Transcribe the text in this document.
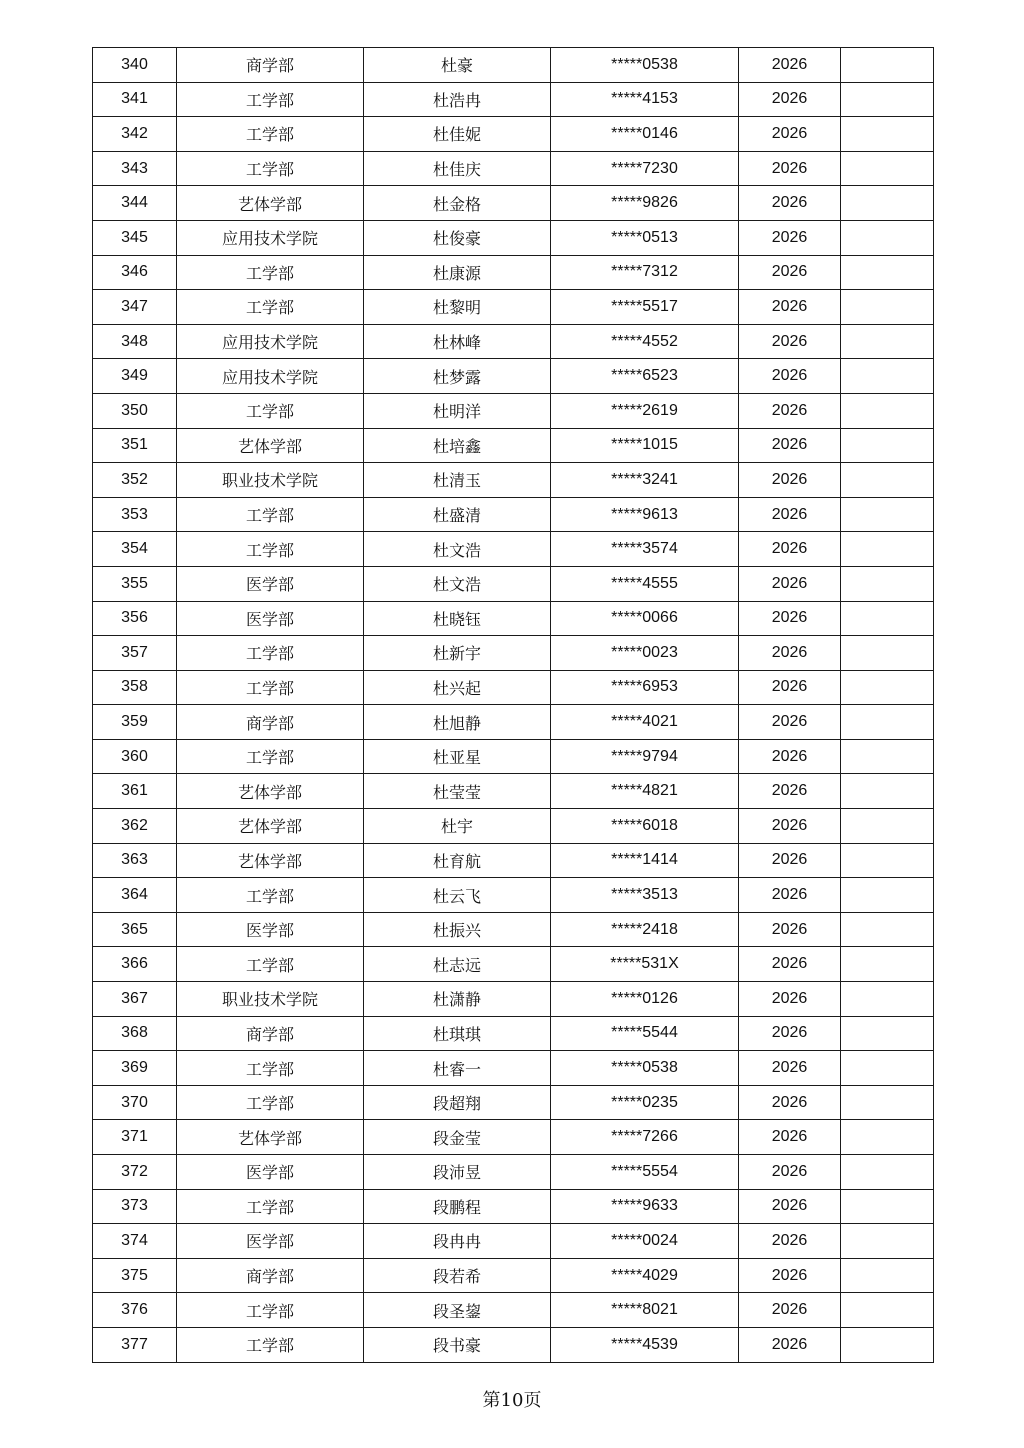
340	商学部	杜豪	*****0538	2026	
341	工学部	杜浩冉	*****4153	2026	
342	工学部	杜佳妮	*****0146	2026	
343	工学部	杜佳庆	*****7230	2026	
344	艺体学部	杜金格	*****9826	2026	
345	应用技术学院	杜俊豪	*****0513	2026	
346	工学部	杜康源	*****7312	2026	
347	工学部	杜黎明	*****5517	2026	
348	应用技术学院	杜林峰	*****4552	2026	
349	应用技术学院	杜梦露	*****6523	2026	
350	工学部	杜明洋	*****2619	2026	
351	艺体学部	杜培鑫	*****1015	2026	
352	职业技术学院	杜清玉	*****3241	2026	
353	工学部	杜盛清	*****9613	2026	
354	工学部	杜文浩	*****3574	2026	
355	医学部	杜文浩	*****4555	2026	
356	医学部	杜晓钰	*****0066	2026	
357	工学部	杜新宇	*****0023	2026	
358	工学部	杜兴起	*****6953	2026	
359	商学部	杜旭静	*****4021	2026	
360	工学部	杜亚星	*****9794	2026	
361	艺体学部	杜莹莹	*****4821	2026	
362	艺体学部	杜宇	*****6018	2026	
363	艺体学部	杜育航	*****1414	2026	
364	工学部	杜云飞	*****3513	2026	
365	医学部	杜振兴	*****2418	2026	
366	工学部	杜志远	*****531X	2026	
367	职业技术学院	杜潇静	*****0126	2026	
368	商学部	杜琪琪	*****5544	2026	
369	工学部	杜睿一	*****0538	2026	
370	工学部	段超翔	*****0235	2026	
371	艺体学部	段金莹	*****7266	2026	
372	医学部	段沛昱	*****5554	2026	
373	工学部	段鹏程	*****9633	2026	
374	医学部	段冉冉	*****0024	2026	
375	商学部	段若希	*****4029	2026	
376	工学部	段圣鋆	*****8021	2026	
377	工学部	段书豪	*****4539	2026	
第10页
